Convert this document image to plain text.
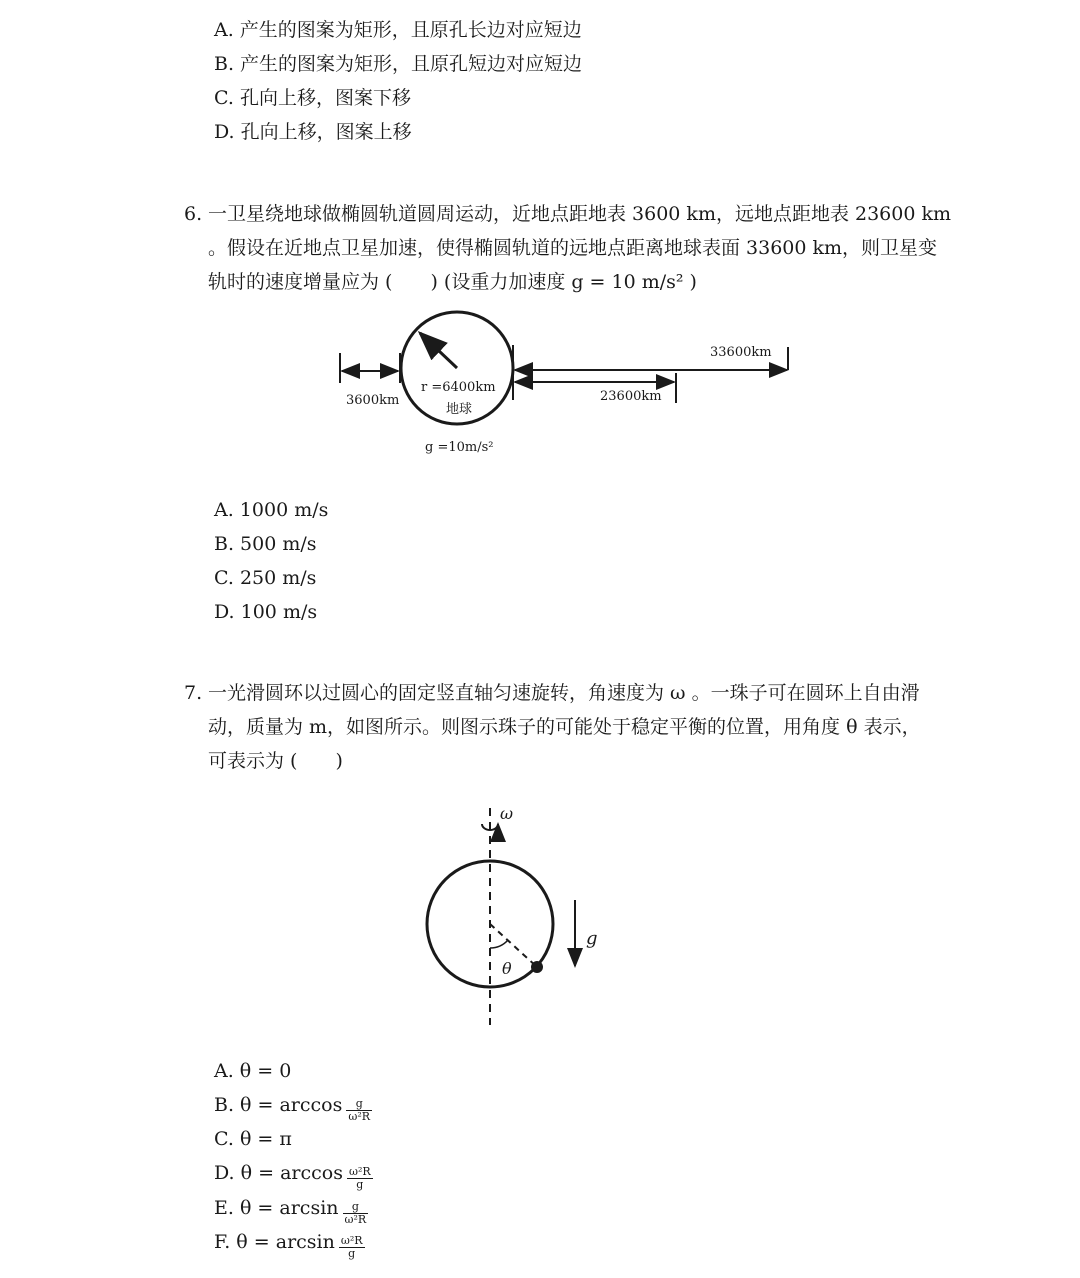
A. 产生的图案为矩形，且原孔长边对应短边
B. 产生的图案为矩形，且原孔短边对应短边
C. 孔向上移，图案下移
D. 孔向上移，图案上移
6. 一卫星绕地球做椭圆轨道圆周运动，近地点距地表 3600 km，远地点距地表 23600 km
。假设在近地点卫星加速，使得椭圆轨道的远地点距离地球表面 33600 km，则卫星变
轨时的速度增量应为 (　　) (设重力加速度 g = 10 m/s² )
3600km
r =6400km
地球
23600km
33600km
g =10m/s²
A. 1000 m/s
B. 500 m/s
C. 250 m/s
D. 100 m/s
7. 一光滑圆环以过圆心的固定竖直轴匀速旋转，角速度为 ω 。一珠子可在圆环上自由滑
动，质量为 m，如图所示。则图示珠子的可能处于稳定平衡的位置，用角度 θ 表示，
可表示为 (　　)
ω
θ
g
A. θ = 0
B. $\theta = \arccos \frac{g}{\text{ω²R}}$
C. θ = π
D. $\theta = \arccos \frac{\text{ω²R}}{g}$
E. $\theta = \arcsin \frac{g}{\text{ω²R}}$
F. $\theta = \arcsin \frac{\text{ω²R}}{g}$
